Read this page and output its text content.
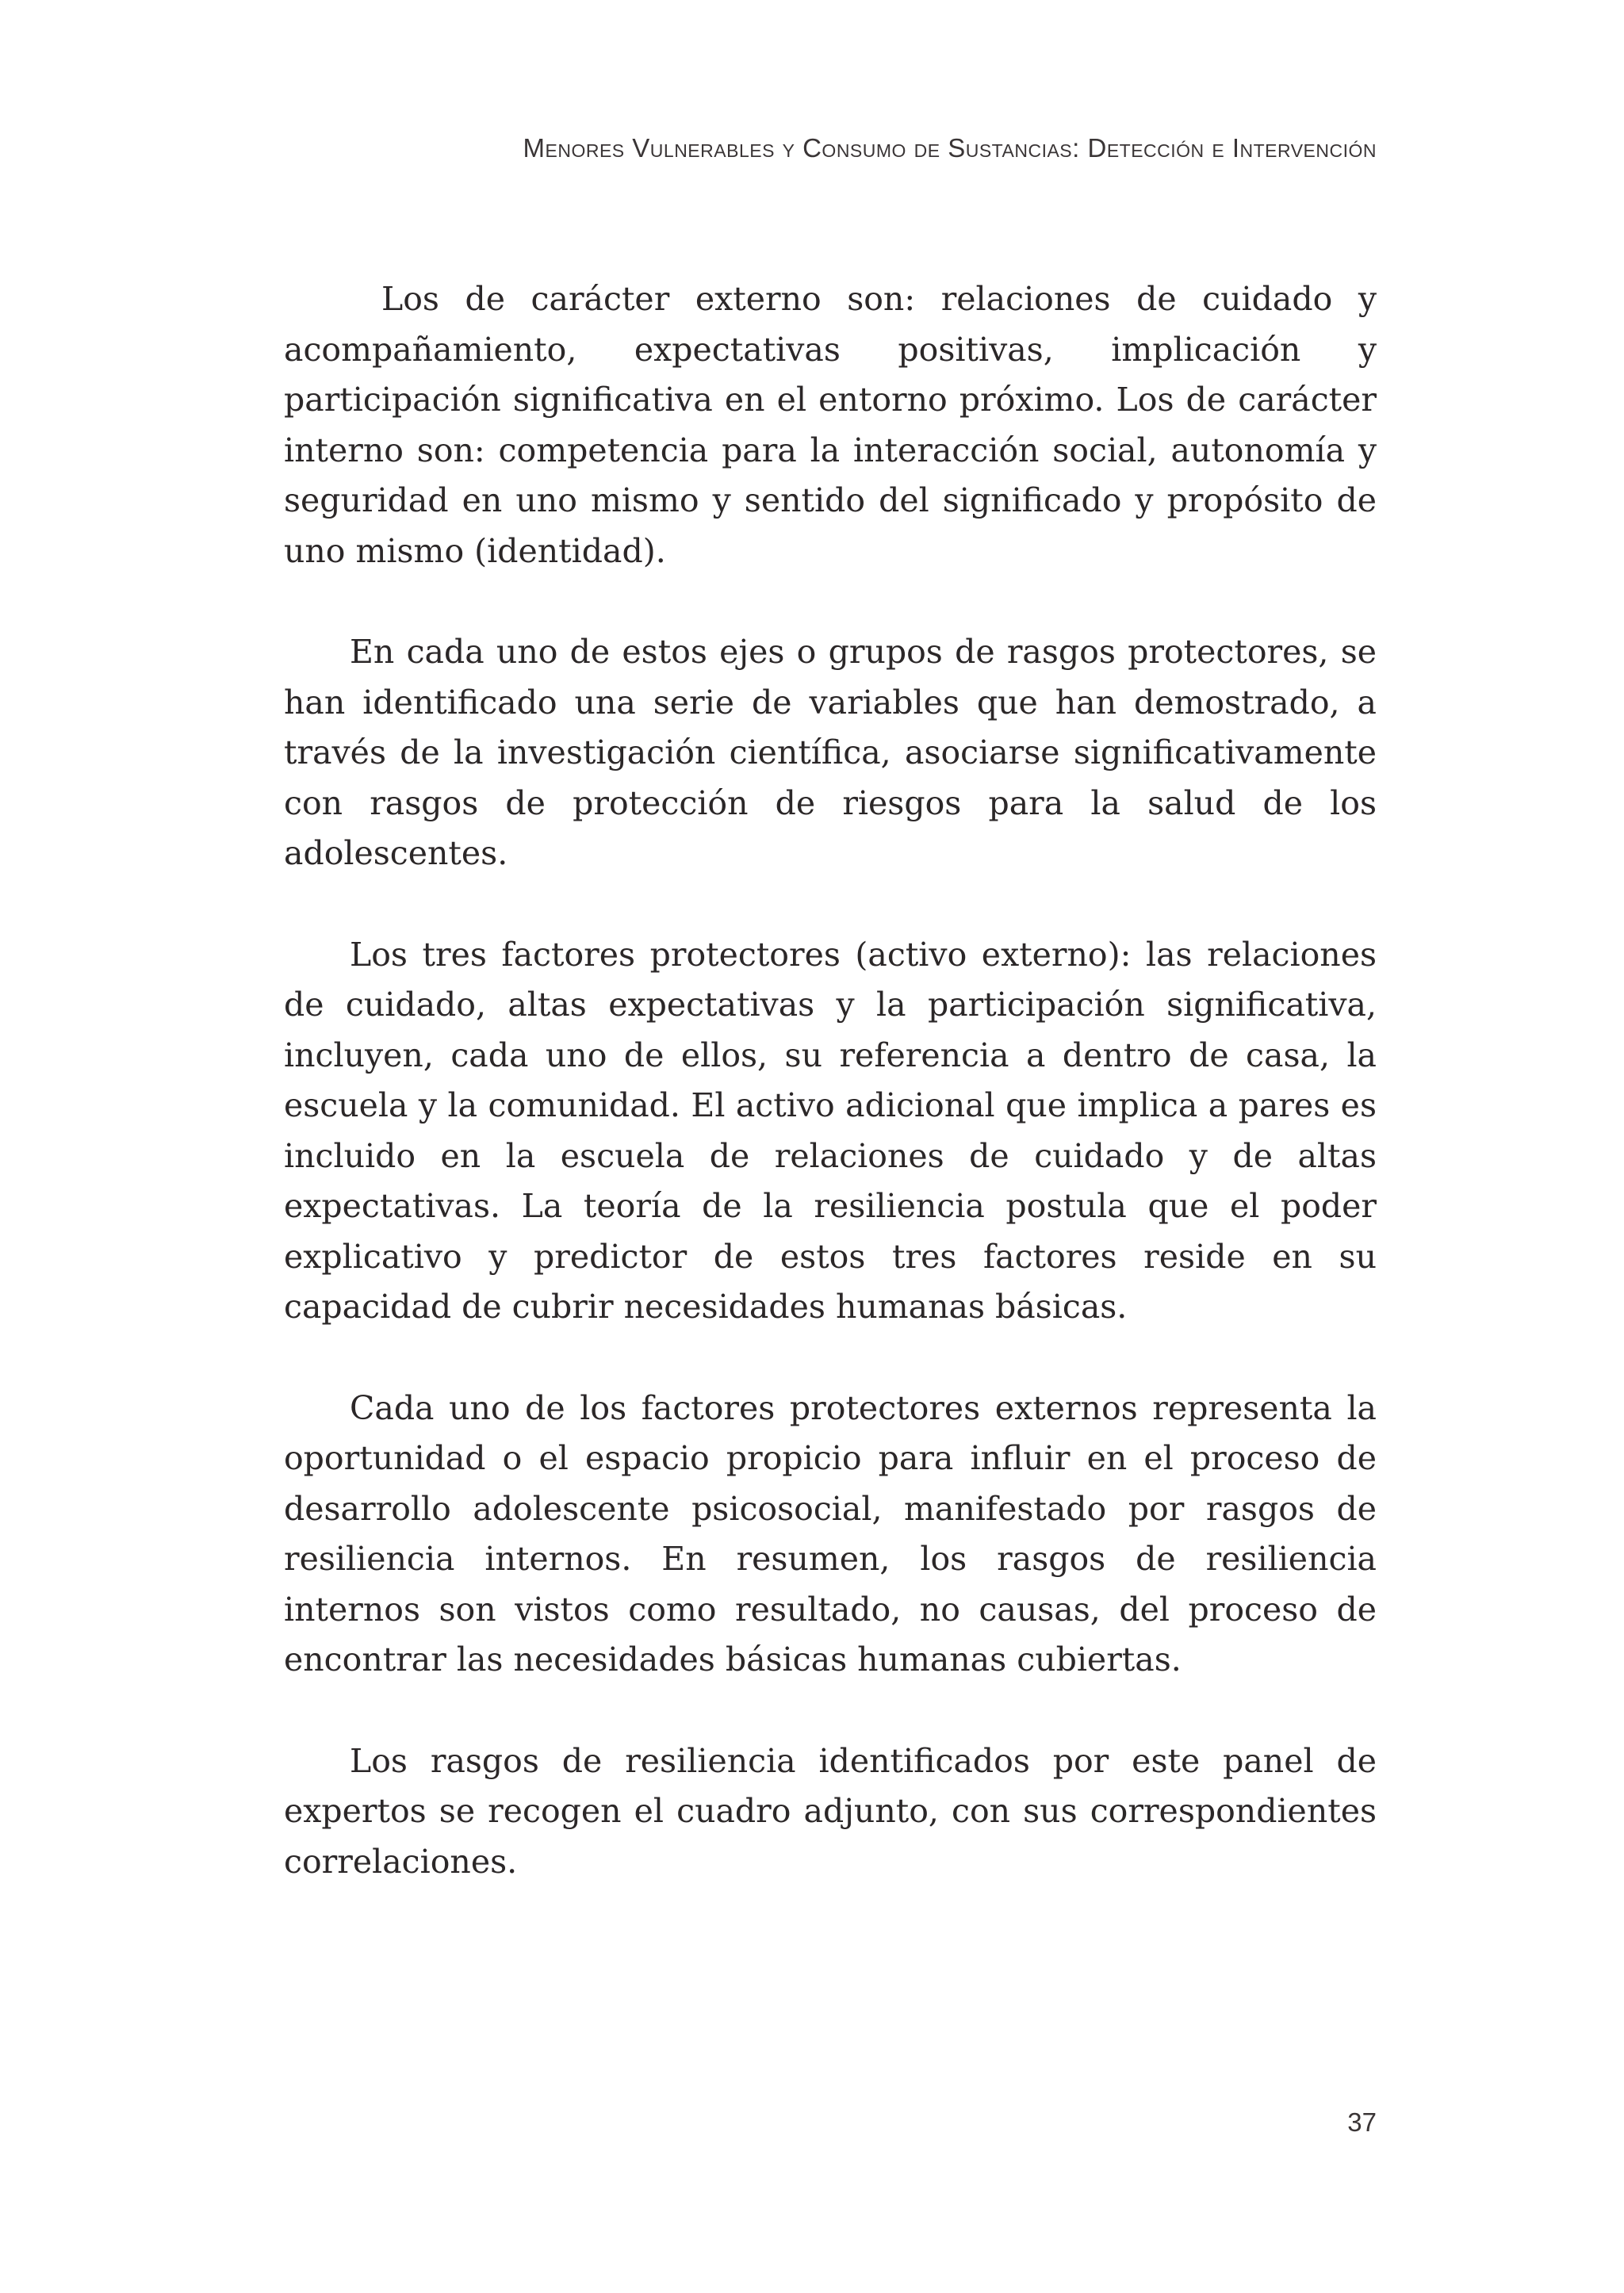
Menores Vulnerables y Consumo de Sustancias: Detección e Intervención

Los de carácter externo son: relaciones de cuidado y acompañamiento, expectativas positivas, implicación y participación significativa en el entorno próximo. Los de carácter interno son: competencia para la interacción social, autonomía y seguridad en uno mismo y sentido del significado y propósito de uno mismo (identidad).

En cada uno de estos ejes o grupos de rasgos protectores, se han identificado una serie de variables que han demostrado, a través de la investigación científica, asociarse significativamente con rasgos de protección de riesgos para la salud de los adolescentes.

Los tres factores protectores (activo externo): las relaciones de cuidado, altas expectativas y la participación significativa, incluyen, cada uno de ellos, su referencia a dentro de casa, la escuela y la comunidad. El activo adicional que implica a pares es incluido en la escuela de relaciones de cuidado y de altas expectativas. La teoría de la resiliencia postula que el poder explicativo y predictor de estos tres factores reside en su capacidad de cubrir necesidades humanas básicas.

Cada uno de los factores protectores externos representa la oportunidad o el espacio propicio para influir en el proceso de desarrollo adolescente psicosocial, manifestado por rasgos de resiliencia internos. En resumen, los rasgos de resiliencia internos son vistos como resultado, no causas, del proceso de encontrar las necesidades básicas humanas cubiertas.

Los rasgos de resiliencia identificados por este panel de expertos se recogen el cuadro adjunto, con sus correspondientes correlaciones.

37
